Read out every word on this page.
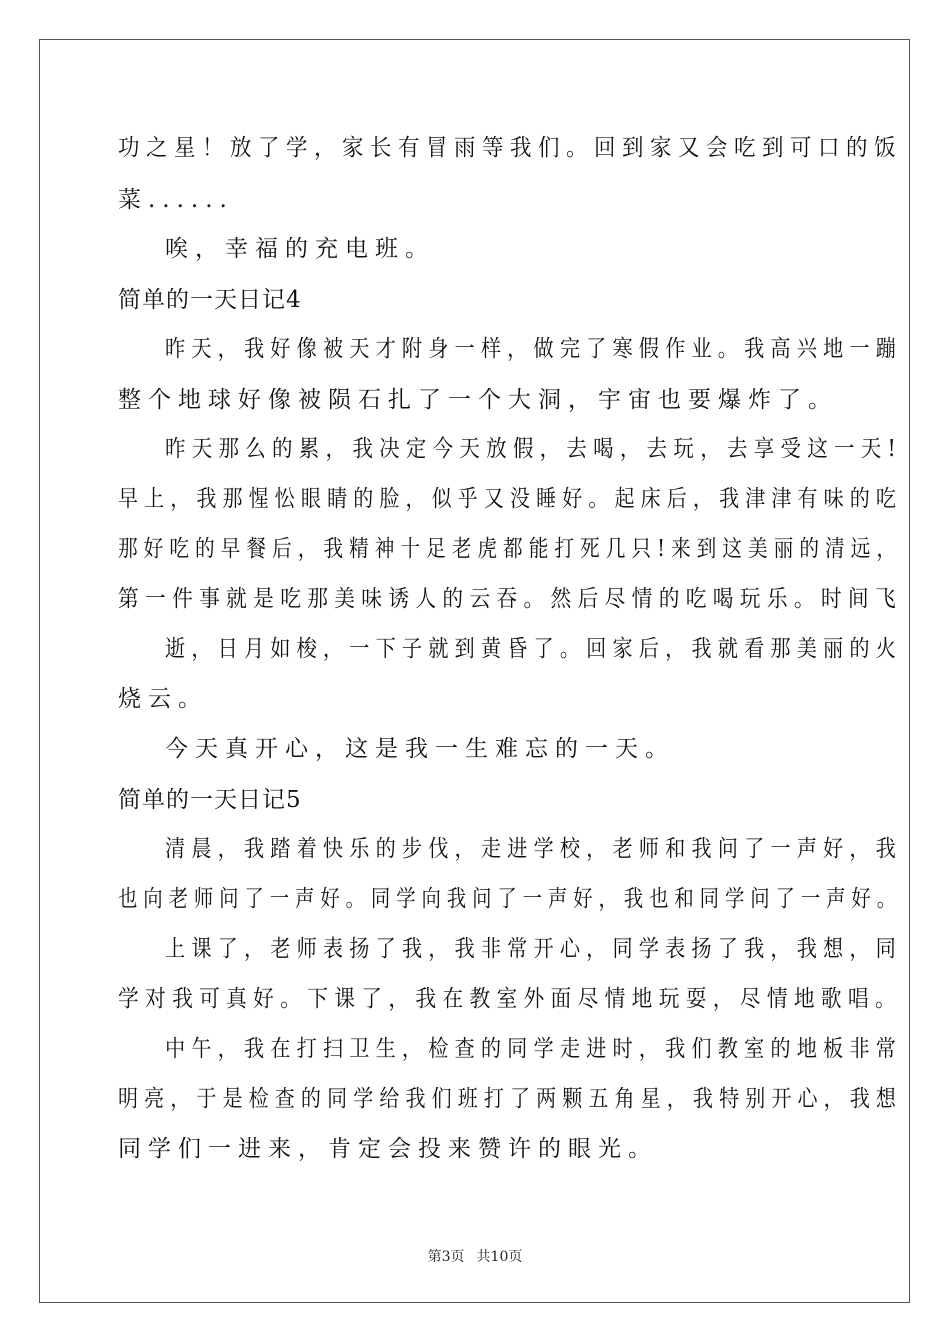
功之星！放了学，家长有冒雨等我们。回到家又会吃到可口的饭

菜......

唉，幸福的充电班。

简单的一天日记4

昨天，我好像被天才附身一样，做完了寒假作业。我高兴地一蹦

整个地球好像被陨石扎了一个大洞，宇宙也要爆炸了。

昨天那么的累，我决定今天放假，去喝，去玩，去享受这一天!

早上，我那惺忪眼睛的脸，似乎又没睡好。起床后，我津津有味的吃

那好吃的早餐后，我精神十足老虎都能打死几只!来到这美丽的清远，

第一件事就是吃那美味诱人的云吞。然后尽情的吃喝玩乐。时间飞

逝，日月如梭，一下子就到黄昏了。回家后，我就看那美丽的火

烧云。

今天真开心，这是我一生难忘的一天。

简单的一天日记5

清晨，我踏着快乐的步伐，走进学校，老师和我问了一声好，我

也向老师问了一声好。同学向我问了一声好，我也和同学问了一声好。

上课了，老师表扬了我，我非常开心，同学表扬了我，我想，同

学对我可真好。下课了，我在教室外面尽情地玩耍，尽情地歌唱。

中午，我在打扫卫生，检查的同学走进时，我们教室的地板非常

明亮，于是检查的同学给我们班打了两颗五角星，我特别开心，我想

同学们一进来，肯定会投来赞许的眼光。

第3页 共10页
